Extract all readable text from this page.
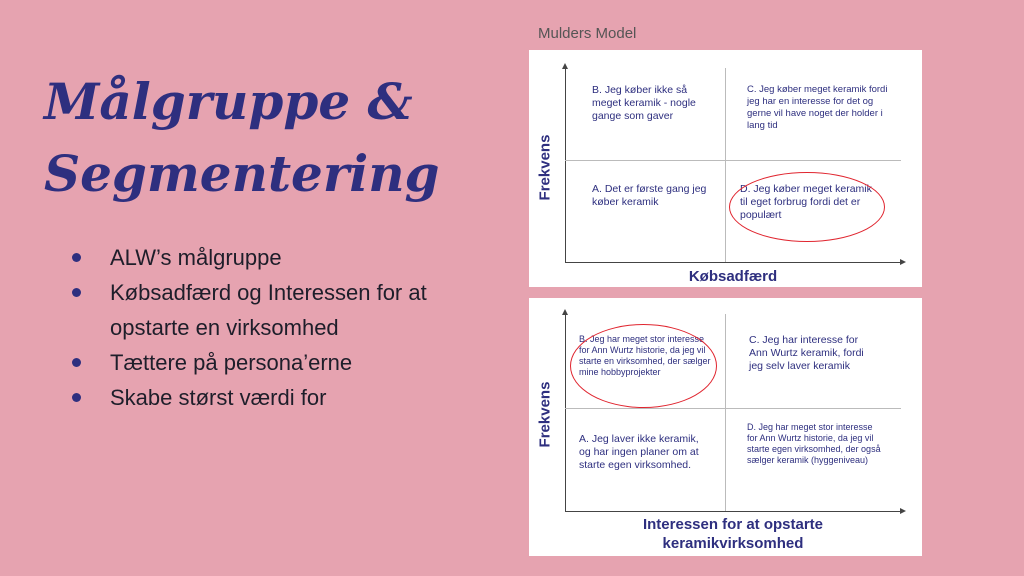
Målgruppe &
Segmentering
ALW’s målgruppe
Købsadfærd og Interessen for at opstarte en virksomhed
Tættere på persona’erne
Skabe størst værdi for
Mulders Model
Frekvens
Købsadfærd

B. Jeg køber ikke så meget keramik - nogle gange som gaver

C. Jeg køber meget keramik fordi jeg har en interesse for det og gerne vil have noget der holder i lang tid

A. Det er første gang jeg køber keramik

D. Jeg køber meget keramik til eget forbrug fordi det er populært

Frekvens
Interessen for at opstarte
keramikvirksomhed

B. Jeg har meget stor interesse for Ann Wurtz historie, da jeg vil starte en virksomhed, der sælger mine hobbyprojekter

C. Jeg har interesse for Ann Wurtz keramik, fordi jeg selv laver keramik

A. Jeg laver ikke keramik, og har ingen planer om at starte egen virksomhed.

D. Jeg har meget stor interesse for Ann Wurtz historie, da jeg vil starte egen virksomhed, der også sælger keramik (hyggeniveau)
